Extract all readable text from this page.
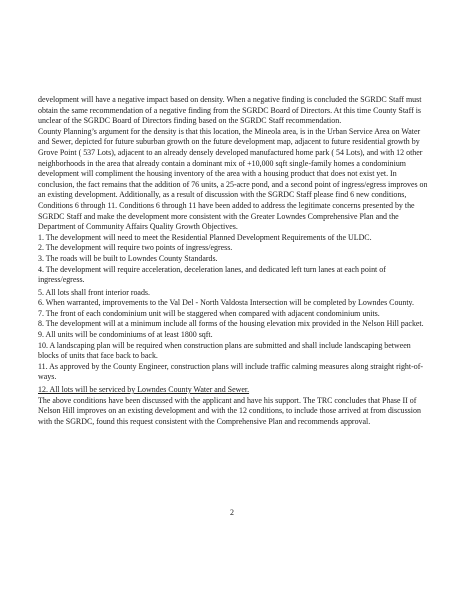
development will have a negative impact based on density. When a negative finding is concluded the SGRDC Staff must obtain the same recommendation of a negative finding from the SGRDC Board of Directors. At this time County Staff is unclear of the SGRDC Board of Directors finding based on the SGRDC Staff recommendation.

County Planning’s argument for the density is that this location, the Mineola area, is in the Urban Service Area on Water and Sewer, depicted for future suburban growth on the future development map, adjacent to future residential growth by Grove Point ( 537 Lots), adjacent to an already densely developed manufactured home park ( 54 Lots), and with 12 other neighborhoods in the area that already contain a dominant mix of +10,000 sqft single-family homes a condominium development will compliment the housing inventory of the area with a housing product that does not exist yet. In conclusion, the fact remains that the addition of 76 units, a 25-acre pond, and a second point of ingress/egress improves on an existing development. Additionally, as a result of discussion with the SGRDC Staff please find 6 new conditions, Conditions 6 through 11. Conditions 6 through 11 have been added to address the legitimate concerns presented by the SGRDC Staff and make the development more consistent with the Greater Lowndes Comprehensive Plan and the Department of Community Affairs Quality Growth Objectives.

1. The development will need to meet the Residential Planned Development Requirements of the ULDC.

2. The development will require two points of ingress/egress.

3. The roads will be built to Lowndes County Standards.

4. The development will require acceleration, deceleration lanes, and dedicated left turn lanes at each point of ingress/egress.

5. All lots shall front interior roads.

6. When warranted, improvements to the Val Del - North Valdosta Intersection will be completed by Lowndes County.

7. The front of each condominium unit will be staggered when compared with adjacent condominium units.

8. The development will at a minimum include all forms of the housing elevation mix provided in the Nelson Hill packet.

9. All units will be condominiums of at least 1800 sqft.

10. A landscaping plan will be required when construction plans are submitted and shall include landscaping between blocks of units that face back to back.

11. As approved by the County Engineer, construction plans will include traffic calming measures along straight right-of-ways.

12. All lots will be serviced by Lowndes County Water and Sewer.

The above conditions have been discussed with the applicant and have his support. The TRC concludes that Phase II of Nelson Hill improves on an existing development and with the 12 conditions, to include those arrived at from discussion with the SGRDC, found this request consistent with the Comprehensive Plan and recommends approval.

2
